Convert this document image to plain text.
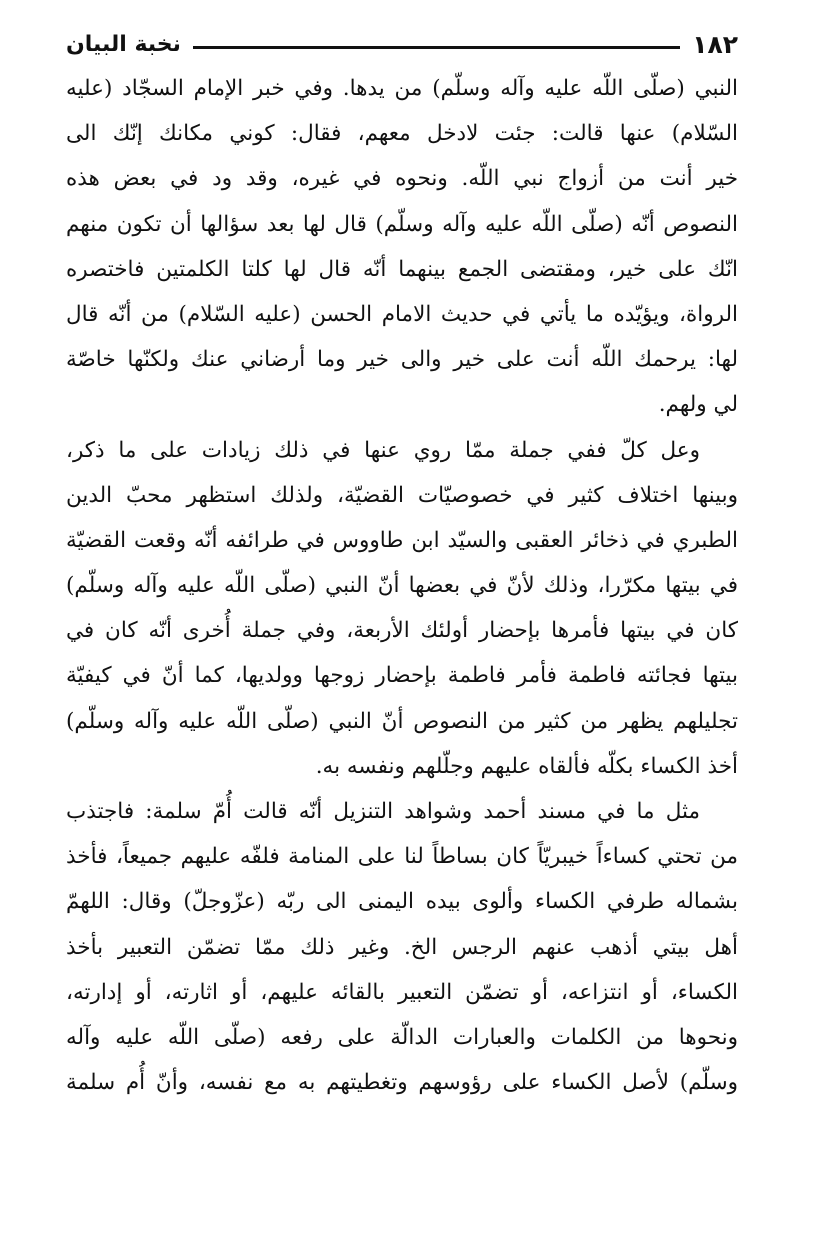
١٨٢
نخبة البيان
النبي (صلّى اللّه عليه وآله وسلّم) من يدها. وفي خبر الإمام السجّاد (عليه
السّلام) عنها قالت: جئت لادخل معهم، فقال: كوني مكانك إنّك الى
خير أنت من أزواج نبي اللّه. ونحوه في غيره، وقد ود في بعض هذه
النصوص أنّه (صلّى اللّه عليه وآله وسلّم) قال لها بعد سؤالها أن تكون منهم
انّك على خير، ومقتضى الجمع بينهما أنّه قال لها كلتا الكلمتين فاختصره
الرواة، ويؤيّده ما يأتي في حديث الامام الحسن (عليه السّلام) من أنّه قال
لها: يرحمك اللّه أنت على خير والى خير وما أرضاني عنك ولكنّها خاصّة
لي ولهم.
وعل كلّ ففي جملة ممّا روي عنها في ذلك زيادات على ما ذكر،
وبينها اختلاف كثير في خصوصيّات القضيّة، ولذلك استظهر محبّ الدين
الطبري في ذخائر العقبى والسيّد ابن طاووس في طرائفه أنّه وقعت القضيّة
في بيتها مكرّرا، وذلك لأنّ في بعضها أنّ النبي (صلّى اللّه عليه وآله وسلّم)
كان في بيتها فأمرها بإحضار أولئك الأربعة، وفي جملة أُخرى أنّه كان في
بيتها فجائته فاطمة فأمر فاطمة بإحضار زوجها وولديها، كما أنّ في كيفيّة
تجليلهم يظهر من كثير من النصوص أنّ النبي (صلّى اللّه عليه وآله وسلّم)
أخذ الكساء بكلّه فألقاه عليهم وجلّلهم ونفسه به.
مثل ما في مسند أحمد وشواهد التنزيل أنّه قالت أُمّ سلمة: فاجتذب
من تحتي كساءاً خيبريّاً كان بساطاً لنا على المنامة فلفّه عليهم جميعاً، فأخذ
بشماله طرفي الكساء وألوى بيده اليمنى الى ربّه (عزّوجلّ) وقال: اللهمّ
أهل بيتي أذهب عنهم الرجس الخ. وغير ذلك ممّا تضمّن التعبير بأخذ
الكساء، أو انتزاعه، أو تضمّن التعبير بالقائه عليهم، أو اثارته، أو إدارته،
ونحوها من الكلمات والعبارات الدالّة على رفعه (صلّى اللّه عليه وآله
وسلّم) لأصل الكساء على رؤوسهم وتغطيتهم به مع نفسه، وأنّ أُم سلمة
